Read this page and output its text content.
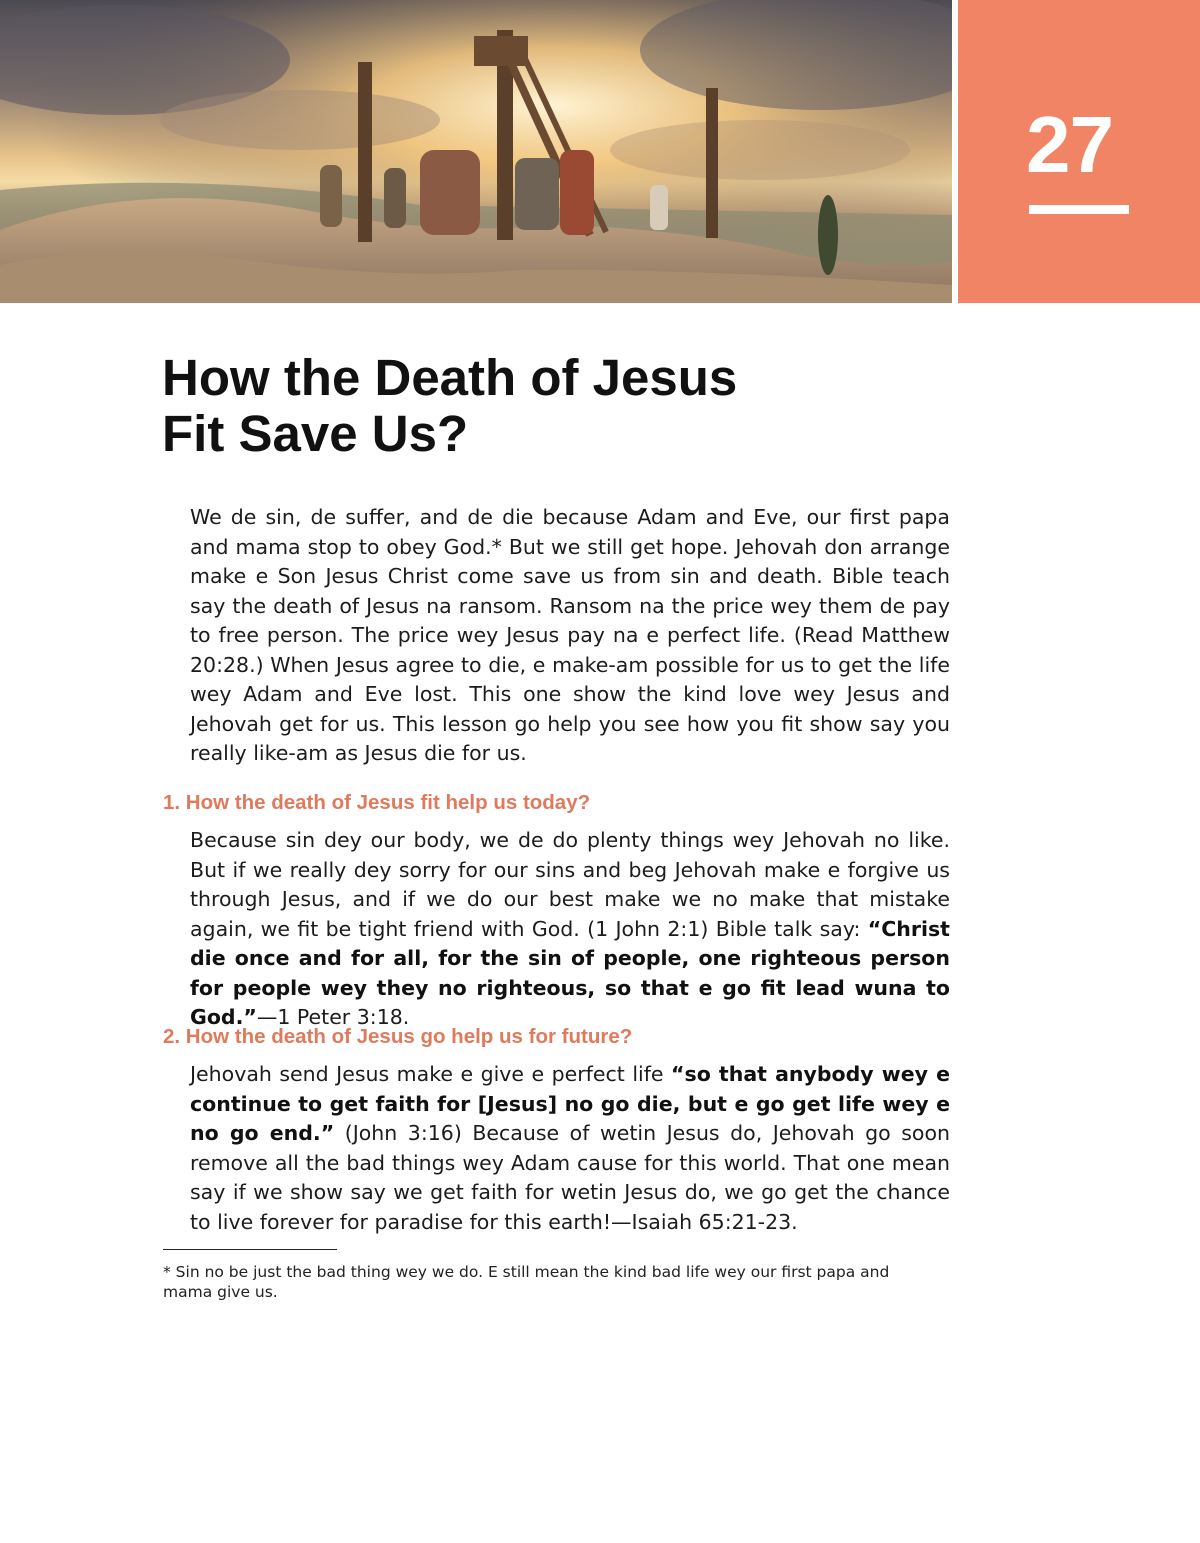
27
How the Death of Jesus
Fit Save Us?

We de sin, de suffer, and de die because Adam and Eve, our first papa and mama stop to obey God.* But we still get hope. Jehovah don arrange make e Son Jesus Christ come save us from sin and death. Bible teach say the death of Jesus na ransom. Ransom na the price wey them de pay to free person. The price wey Jesus pay na e perfect life. (Read Matthew 20:28.) When Jesus agree to die, e make-am possible for us to get the life wey Adam and Eve lost. This one show the kind love wey Jesus and Jehovah get for us. This lesson go help you see how you fit show say you really like-am as Jesus die for us.

1. How the death of Jesus fit help us today?

Because sin dey our body, we de do plenty things wey Jehovah no like. But if we really dey sorry for our sins and beg Jehovah make e forgive us through Jesus, and if we do our best make we no make that mistake again, we fit be tight friend with God. (1 John 2:1) Bible talk say: “Christ die once and for all, for the sin of people, one righteous person for people wey they no righteous, so that e go fit lead wuna to God.”—1 Peter 3:18.

2. How the death of Jesus go help us for future?

Jehovah send Jesus make e give e perfect life “so that anybody wey e continue to get faith for [Jesus] no go die, but e go get life wey e no go end.” (John 3:16) Because of wetin Jesus do, Jehovah go soon remove all the bad things wey Adam cause for this world. That one mean say if we show say we get faith for wetin Jesus do, we go get the chance to live forever for paradise for this earth!—Isaiah 65:21-23.

* Sin no be just the bad thing wey we do. E still mean the kind bad life wey our first papa and mama give us.
